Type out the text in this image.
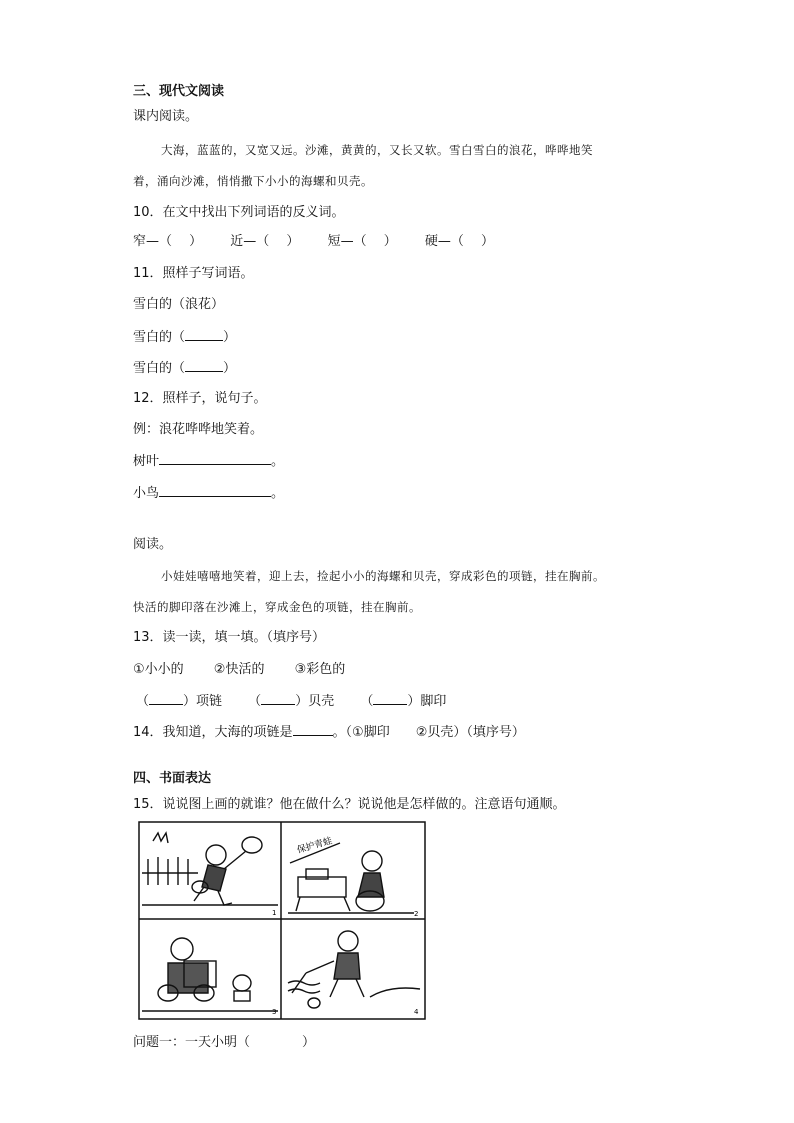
三、现代文阅读
课内阅读。
大海，蓝蓝的，又宽又远。沙滩，黄黄的，又长又软。雪白雪白的浪花，哗哗地笑
着，涌向沙滩，悄悄撒下小小的海螺和贝壳。
10．在文中找出下列词语的反义词。
窄—（　 ） 近—（　 ） 短—（　 ） 硬—（　 ）
11．照样子写词语。
雪白的（浪花）
雪白的（	）
雪白的（	）
12．照样子，说句子。
例：浪花哗哗地笑着。
树叶	。
小鸟	。
阅读。
小娃娃嘻嘻地笑着，迎上去，捡起小小的海螺和贝壳，穿成彩色的项链，挂在胸前。
快活的脚印落在沙滩上，穿成金色的项链，挂在胸前。
13．读一读，填一填。（填序号）
①小小的 ②快活的 ③彩色的
（	）项链 （	）贝壳 （	）脚印
14．我知道，大海的项链是	。（①脚印　　②贝壳）（填序号）
四、书面表达
15．说说图上画的就谁？他在做什么？说说他是怎样做的。注意语句通顺。
1
保护青蛙
2
3	4
问题一：一天小明（　　　　）
